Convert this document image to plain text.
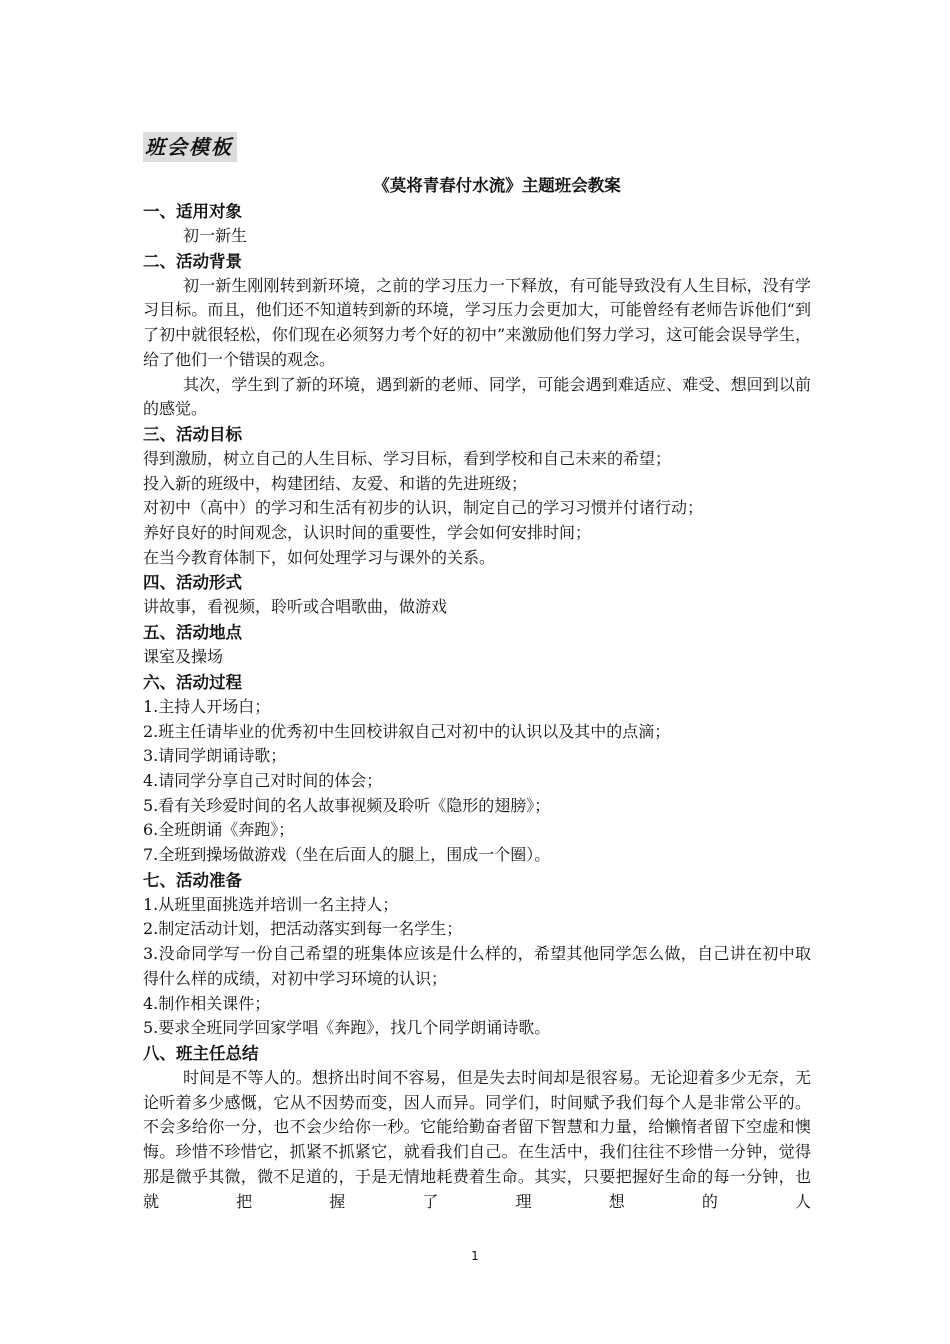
班会模板
《莫将青春付水流》主题班会教案
一、适用对象

初一新生

二、活动背景

初一新生刚刚转到新环境，之前的学习压力一下释放，有可能导致没有人生目标，没有学习目标。而且，他们还不知道转到新的环境，学习压力会更加大，可能曾经有老师告诉他们“到了初中就很轻松，你们现在必须努力考个好的初中”来激励他们努力学习，这可能会误导学生，给了他们一个错误的观念。

其次，学生到了新的环境，遇到新的老师、同学，可能会遇到难适应、难受、想回到以前的感觉。

三、活动目标

得到激励，树立自己的人生目标、学习目标，看到学校和自己未来的希望；

投入新的班级中，构建团结、友爱、和谐的先进班级；

对初中（高中）的学习和生活有初步的认识，制定自己的学习习惯并付诸行动；

养好良好的时间观念，认识时间的重要性，学会如何安排时间；

在当今教育体制下，如何处理学习与课外的关系。

四、活动形式

讲故事，看视频，聆听或合唱歌曲，做游戏

五、活动地点

课室及操场

六、活动过程

1.主持人开场白；

2.班主任请毕业的优秀初中生回校讲叙自己对初中的认识以及其中的点滴；

3.请同学朗诵诗歌；

4.请同学分享自己对时间的体会；

5.看有关珍爱时间的名人故事视频及聆听《隐形的翅膀》；

6.全班朗诵《奔跑》；

7.全班到操场做游戏（坐在后面人的腿上，围成一个圈）。

七、活动准备

1.从班里面挑选并培训一名主持人；

2.制定活动计划，把活动落实到每一名学生；

3.没命同学写一份自己希望的班集体应该是什么样的，希望其他同学怎么做，自己讲在初中取得什么样的成绩，对初中学习环境的认识；

4.制作相关课件；

5.要求全班同学回家学唱《奔跑》，找几个同学朗诵诗歌。

八、班主任总结

时间是不等人的。想挤出时间不容易，但是失去时间却是很容易。无论迎着多少无奈，无论听着多少感慨，它从不因势而变，因人而异。同学们，时间赋予我们每个人是非常公平的。不会多给你一分，也不会少给你一秒。它能给勤奋者留下智慧和力量，给懒惰者留下空虚和懊悔。珍惜不珍惜它，抓紧不抓紧它，就看我们自己。在生活中，我们往往不珍惜一分钟，觉得那是微乎其微，微不足道的，于是无情地耗费着生命。其实，只要把握好生命的每一分钟，也就把握了理想的人

1
